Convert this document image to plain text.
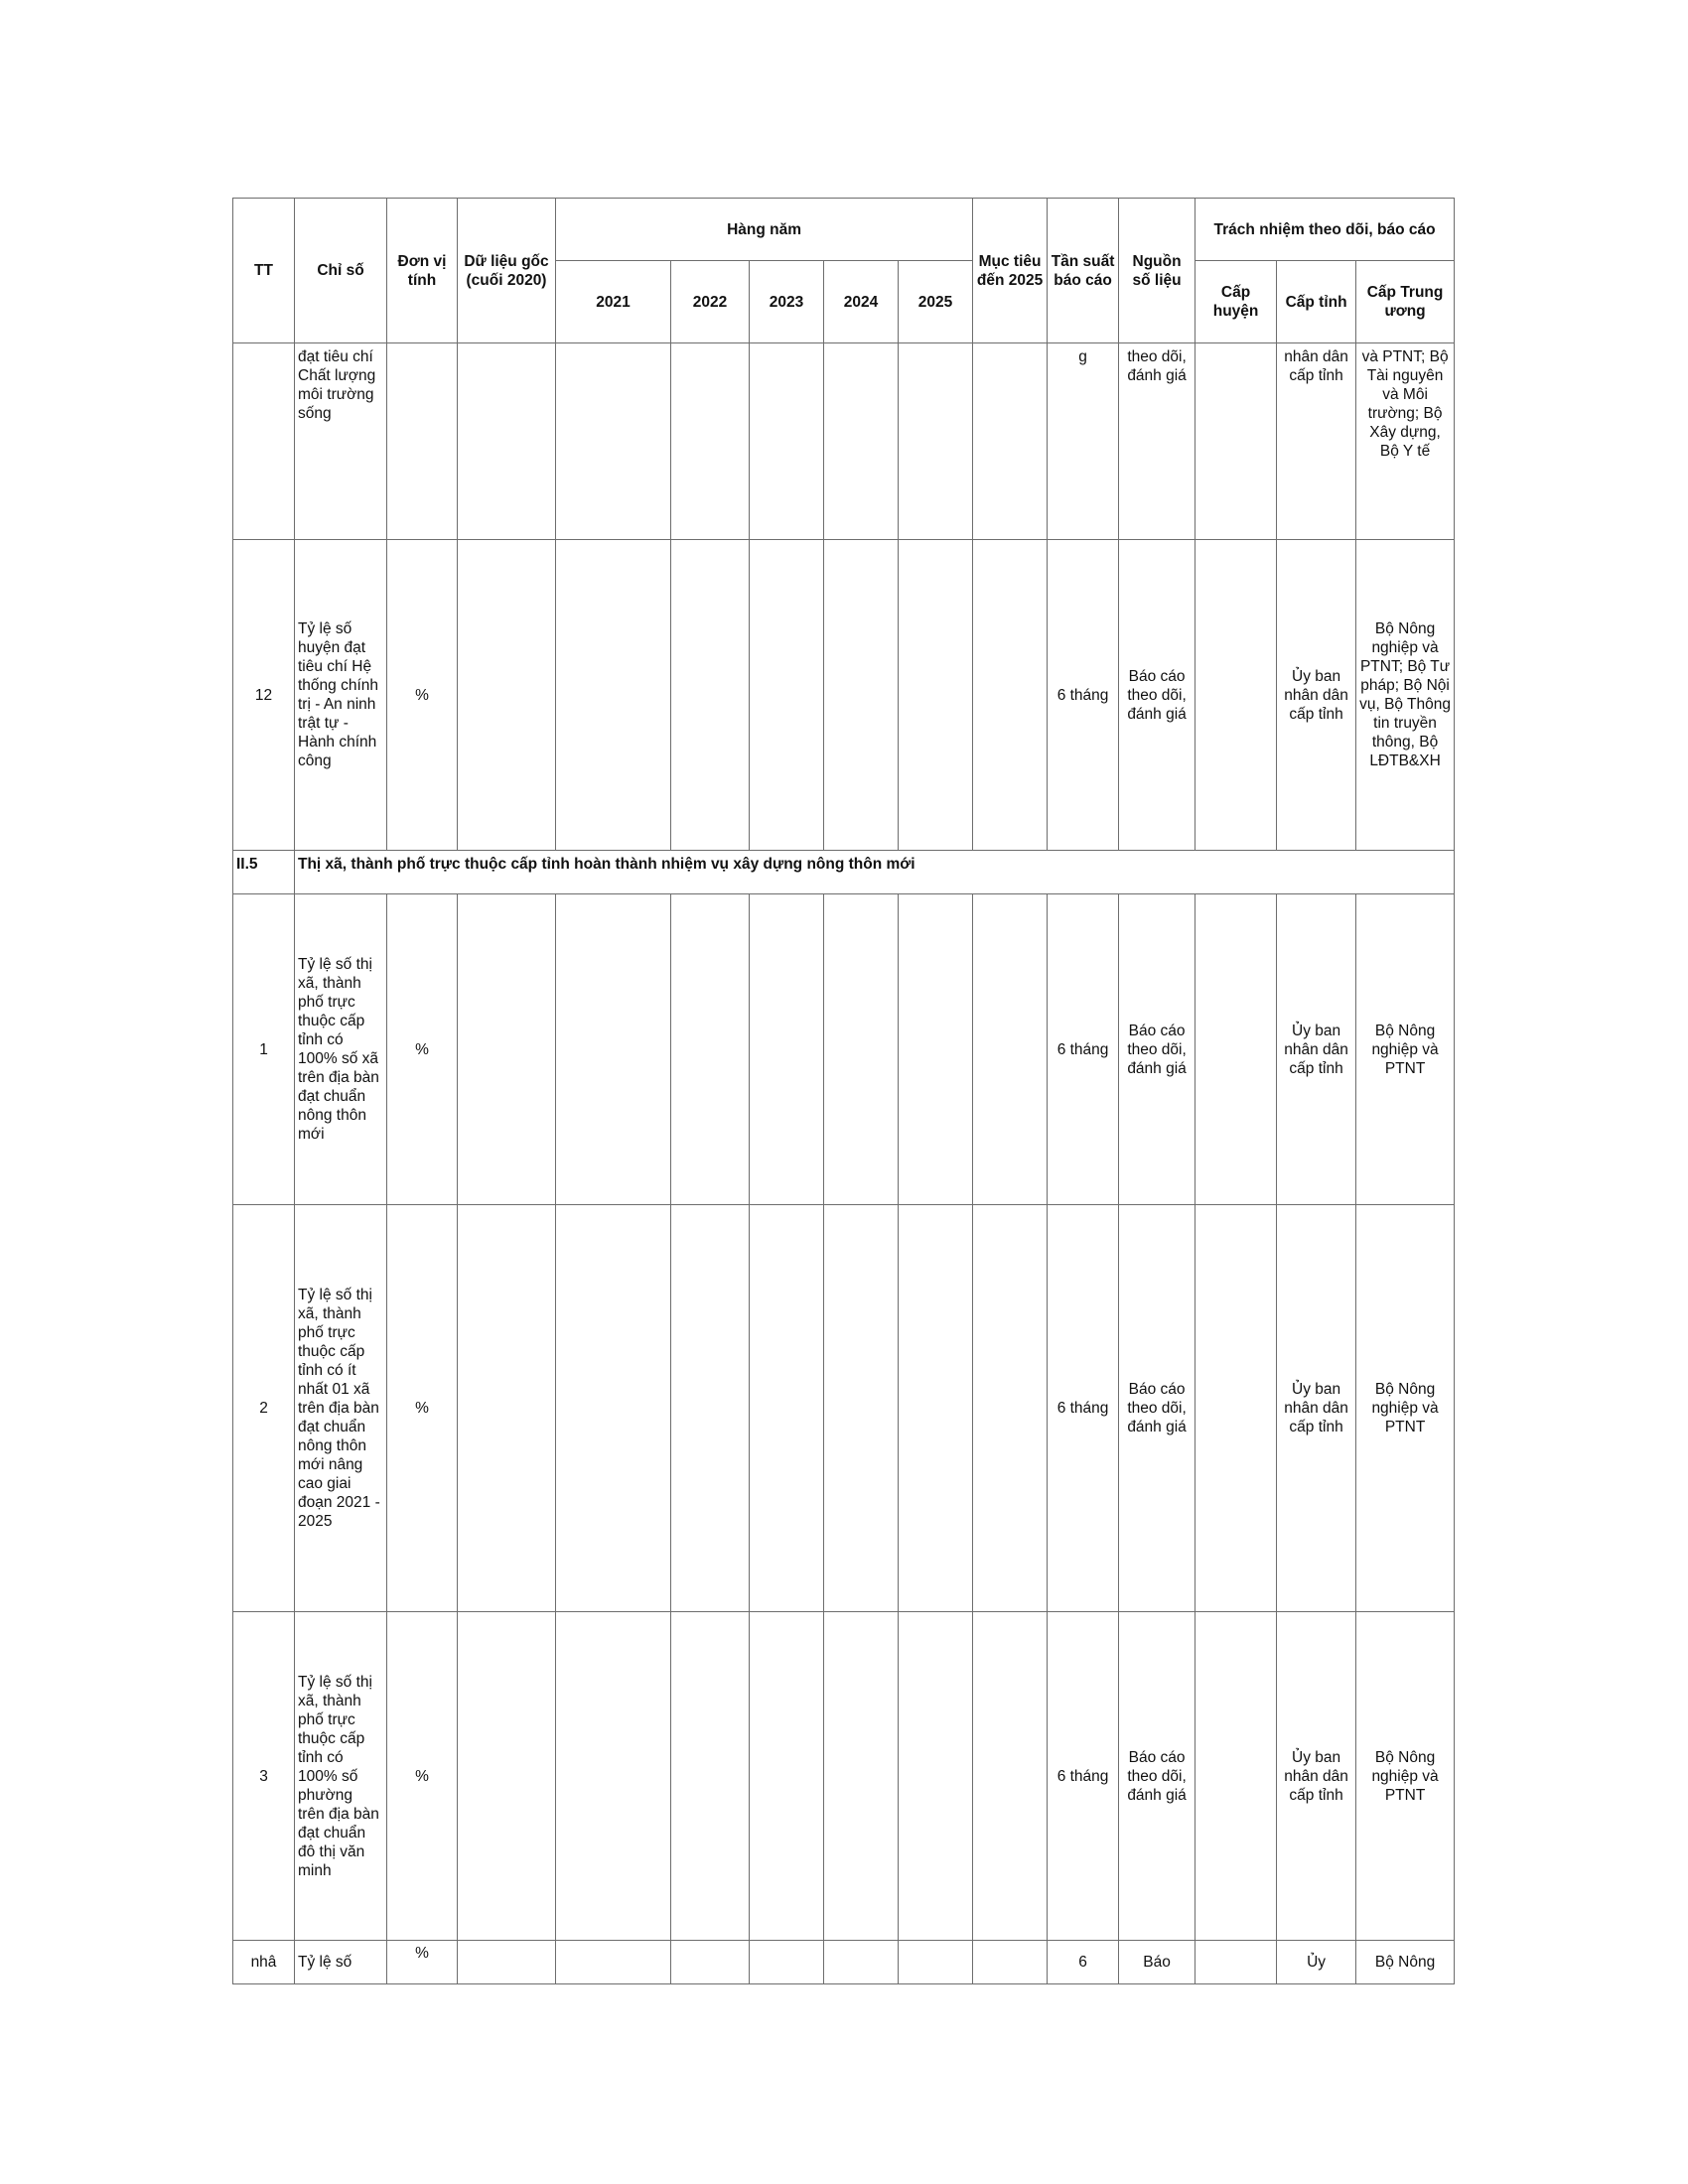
TT	Chỉ số	Đơn vị tính	Dữ liệu gốc (cuối 2020)	Hàng năm					Mục tiêu đến 2025	Tần suất báo cáo	Nguồn số liệu	Trách nhiệm theo dõi, báo cáo		
				2021	2022	2023	2024	2025				Cấp huyện	Cấp tỉnh	Cấp Trung ương
	đạt tiêu chí Chất lượng môi trường sống									g	theo dõi, đánh giá		nhân dân cấp tỉnh	và PTNT; Bộ Tài nguyên và Môi trường; Bộ Xây dựng, Bộ Y tế
12	Tỷ lệ số huyện đạt tiêu chí Hệ thống chính trị - An ninh trật tự - Hành chính công	%								6 tháng	Báo cáo theo dõi, đánh giá		Ủy ban nhân dân cấp tỉnh	Bộ Nông nghiệp và PTNT; Bộ Tư pháp; Bộ Nội vụ, Bộ Thông tin truyền thông, Bộ LĐTB&XH
II.5	Thị xã, thành phố trực thuộc cấp tỉnh hoàn thành nhiệm vụ xây dựng nông thôn mới													
1	Tỷ lệ số thị xã, thành phố trực thuộc cấp tỉnh có 100% số xã trên địa bàn đạt chuẩn nông thôn mới	%								6 tháng	Báo cáo theo dõi, đánh giá		Ủy ban nhân dân cấp tỉnh	Bộ Nông nghiệp và PTNT
2	Tỷ lệ số thị xã, thành phố trực thuộc cấp tỉnh có ít nhất 01 xã trên địa bàn đạt chuẩn nông thôn mới nâng cao giai đoạn 2021 - 2025	%								6 tháng	Báo cáo theo dõi, đánh giá		Ủy ban nhân dân cấp tỉnh	Bộ Nông nghiệp và PTNT
3	Tỷ lệ số thị xã, thành phố trực thuộc cấp tỉnh có 100% số phường trên địa bàn đạt chuẩn đô thị văn minh	%								6 tháng	Báo cáo theo dõi, đánh giá		Ủy ban nhân dân cấp tỉnh	Bộ Nông nghiệp và PTNT
nhâ	Tỷ lệ số	%								6	Báo		Ủy	Bộ Nông
